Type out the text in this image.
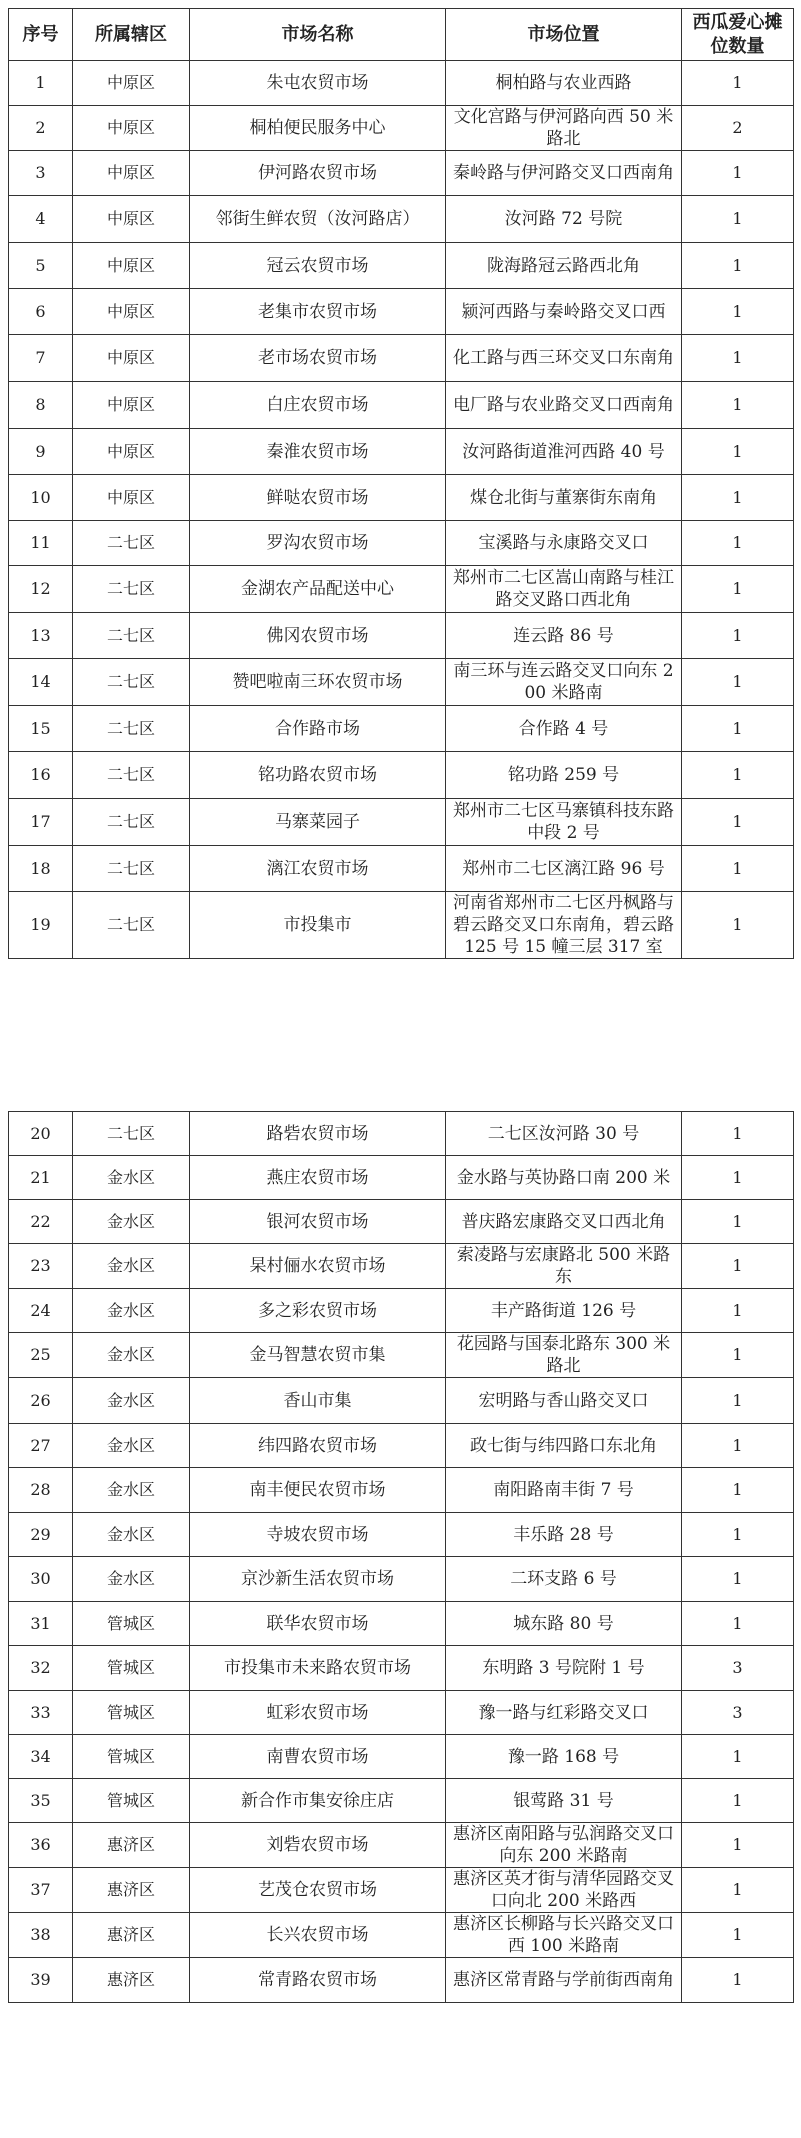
序号	所属辖区	市场名称	市场位置	西瓜爱心摊位数量
1	中原区	朱屯农贸市场	桐柏路与农业西路	1
2	中原区	桐柏便民服务中心	文化宫路与伊河路向西 50 米路北	2
3	中原区	伊河路农贸市场	秦岭路与伊河路交叉口西南角	1
4	中原区	邻街生鲜农贸（汝河路店）	汝河路 72 号院	1
5	中原区	冠云农贸市场	陇海路冠云路西北角	1
6	中原区	老集市农贸市场	颍河西路与秦岭路交叉口西	1
7	中原区	老市场农贸市场	化工路与西三环交叉口东南角	1
8	中原区	白庄农贸市场	电厂路与农业路交叉口西南角	1
9	中原区	秦淮农贸市场	汝河路街道淮河西路 40 号	1
10	中原区	鲜哒农贸市场	煤仓北街与董寨街东南角	1
11	二七区	罗沟农贸市场	宝溪路与永康路交叉口	1
12	二七区	金湖农产品配送中心	郑州市二七区嵩山南路与桂江路交叉路口西北角	1
13	二七区	佛冈农贸市场	连云路 86 号	1
14	二七区	赞吧啦南三环农贸市场	南三环与连云路交叉口向东 200 米路南	1
15	二七区	合作路市场	合作路 4 号	1
16	二七区	铭功路农贸市场	铭功路 259 号	1
17	二七区	马寨菜园子	郑州市二七区马寨镇科技东路中段 2 号	1
18	二七区	漓江农贸市场	郑州市二七区漓江路 96 号	1
19	二七区	市投集市	河南省郑州市二七区丹枫路与碧云路交叉口东南角，碧云路 125 号 15 幢三层 317 室	1
20	二七区	路砦农贸市场	二七区汝河路 30 号	1
21	金水区	燕庄农贸市场	金水路与英协路口南 200 米	1
22	金水区	银河农贸市场	普庆路宏康路交叉口西北角	1
23	金水区	杲村俪水农贸市场	索凌路与宏康路北 500 米路东	1
24	金水区	多之彩农贸市场	丰产路街道 126 号	1
25	金水区	金马智慧农贸市集	花园路与国泰北路东 300 米路北	1
26	金水区	香山市集	宏明路与香山路交叉口	1
27	金水区	纬四路农贸市场	政七街与纬四路口东北角	1
28	金水区	南丰便民农贸市场	南阳路南丰街 7 号	1
29	金水区	寺坡农贸市场	丰乐路 28 号	1
30	金水区	京沙新生活农贸市场	二环支路 6 号	1
31	管城区	联华农贸市场	城东路 80 号	1
32	管城区	市投集市未来路农贸市场	东明路 3 号院附 1 号	3
33	管城区	虹彩农贸市场	豫一路与红彩路交叉口	3
34	管城区	南曹农贸市场	豫一路 168 号	1
35	管城区	新合作市集安徐庄店	银莺路 31 号	1
36	惠济区	刘砦农贸市场	惠济区南阳路与弘润路交叉口向东 200 米路南	1
37	惠济区	艺茂仓农贸市场	惠济区英才街与清华园路交叉口向北 200 米路西	1
38	惠济区	长兴农贸市场	惠济区长柳路与长兴路交叉口西 100 米路南	1
39	惠济区	常青路农贸市场	惠济区常青路与学前街西南角	1
